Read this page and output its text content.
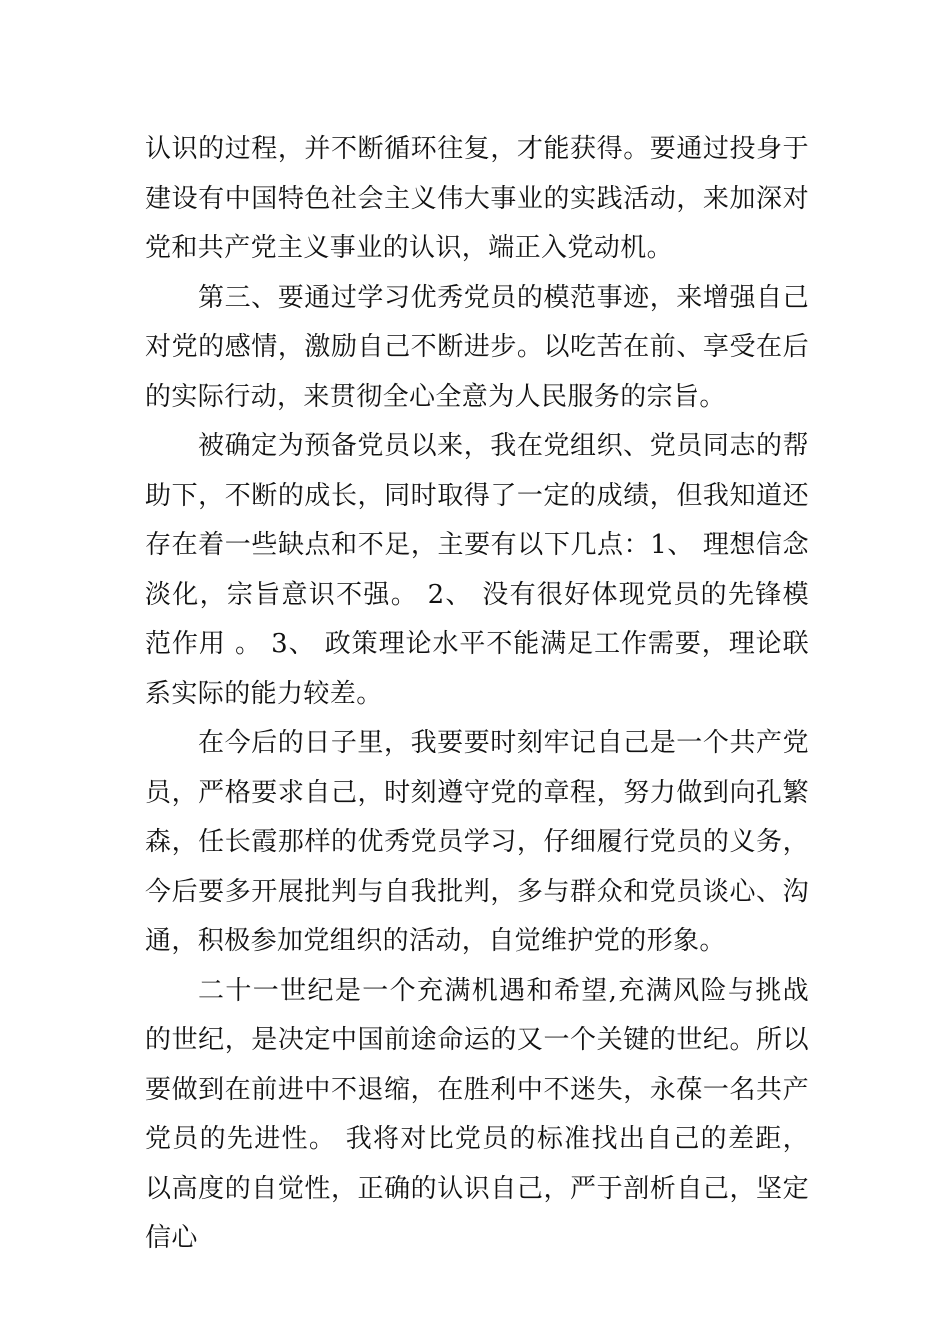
认识的过程，并不断循环往复，才能获得。要通过投身于建设有中国特色社会主义伟大事业的实践活动，来加深对党和共产党主义事业的认识，端正入党动机。

第三、要通过学习优秀党员的模范事迹，来增强自己对党的感情，激励自己不断进步。以吃苦在前、享受在后的实际行动，来贯彻全心全意为人民服务的宗旨。

被确定为预备党员以来，我在党组织、党员同志的帮助下，不断的成长，同时取得了一定的成绩，但我知道还存在着一些缺点和不足，主要有以下几点：1、 理想信念淡化，宗旨意识不强。 2、 没有很好体现党员的先锋模范作用 。 3、 政策理论水平不能满足工作需要，理论联系实际的能力较差。

在今后的日子里，我要要时刻牢记自己是一个共产党员，严格要求自己，时刻遵守党的章程，努力做到向孔繁森，任长霞那样的优秀党员学习，仔细履行党员的义务，今后要多开展批判与自我批判，多与群众和党员谈心、沟通，积极参加党组织的活动，自觉维护党的形象。

二十一世纪是一个充满机遇和希望,充满风险与挑战的世纪，是决定中国前途命运的又一个关键的世纪。所以要做到在前进中不退缩，在胜利中不迷失，永葆一名共产党员的先进性。 我将对比党员的标准找出自己的差距，以高度的自觉性，正确的认识自己，严于剖析自己，坚定信心
